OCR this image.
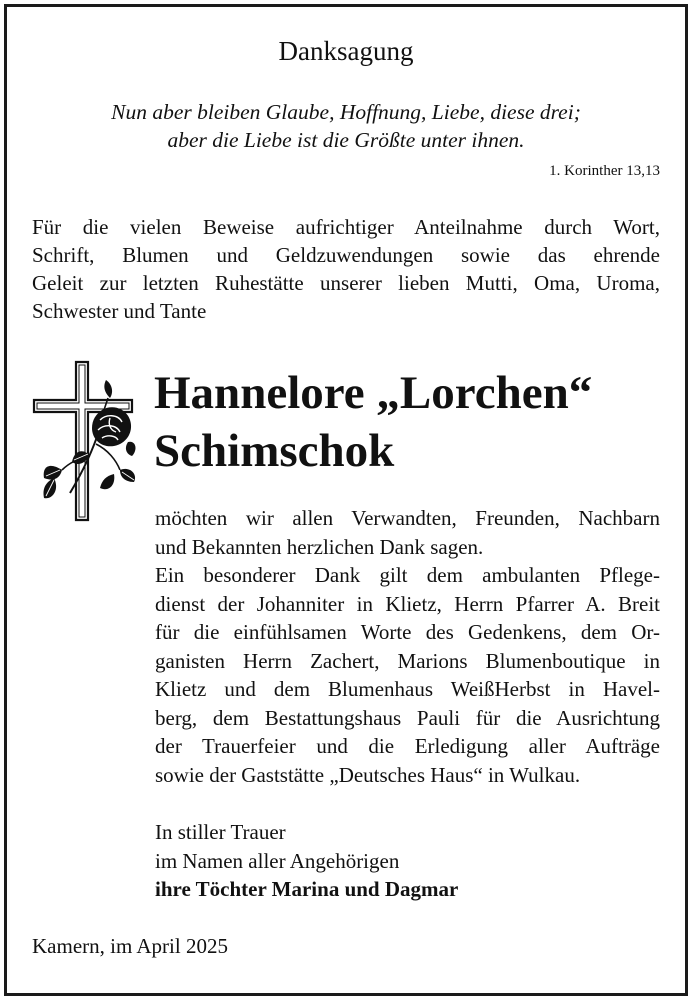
Danksagung
Nun aber bleiben Glaube, Hoffnung, Liebe, diese drei;
aber die Liebe ist die Größte unter ihnen.
1. Korinther 13,13
Für die vielen Beweise aufrichtiger Anteilnahme durch Wort,
Schrift, Blumen und Geldzuwendungen sowie das ehrende
Geleit zur letzten Ruhestätte unserer lieben Mutti, Oma, Uroma,
Schwester und Tante
Hannelore „Lorchen“
Schimschok
möchten wir allen Verwandten, Freunden, Nachbarn
und Bekannten herzlichen Dank sagen.
Ein besonderer Dank gilt dem ambulanten Pflege-
dienst der Johanniter in Klietz, Herrn Pfarrer A. Breit
für die einfühlsamen Worte des Gedenkens, dem Or-
ganisten Herrn Zachert, Marions Blumenboutique in
Klietz und dem Blumenhaus WeißHerbst in Havel-
berg, dem Bestattungshaus Pauli für die Ausrichtung
der Trauerfeier und die Erledigung aller Aufträge
sowie der Gaststätte „Deutsches Haus“ in Wulkau.
In stiller Trauer
im Namen aller Angehörigen
ihre Töchter Marina und Dagmar
Kamern, im April 2025
